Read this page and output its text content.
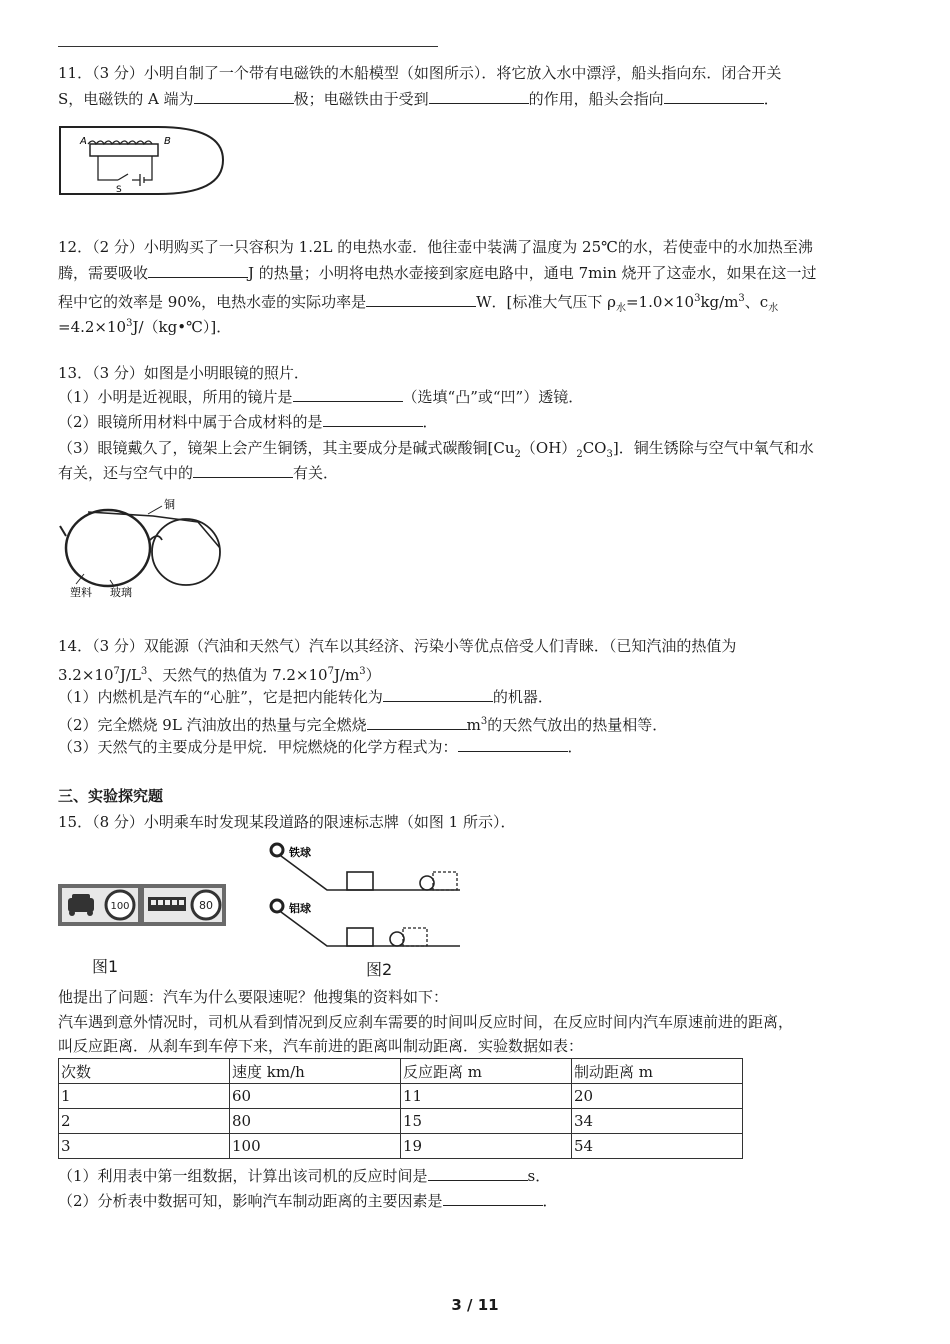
11．（3 分）小明自制了一个带有电磁铁的木船模型（如图所示）．将它放入水中漂浮，船头指向东．闭合开关
S，电磁铁的 A 端为	极；电磁铁由于受到	的作用，船头会指向	．
A	B
S
12．（2 分）小明购买了一只容积为 1.2L 的电热水壶．他往壶中装满了温度为 25℃的水，若使壶中的水加热至沸
腾，需要吸收	J 的热量；小明将电热水壶接到家庭电路中，通电 7min 烧开了这壶水，如果在这一过
程中它的效率是 90%，电热水壶的实际功率是	W．[标准大气压下 $\rho_水=1.0\times 10^3kg/m^3$、$c_水$
$=4.2\times 10^3J/(kg•℃)$]．
13．（3 分）如图是小明眼镜的照片．
（1）小明是近视眼，所用的镜片是	（选填“凸”或“凹”）透镜．
（2）眼镜所用材料中属于合成材料的是	．
（3）眼镜戴久了，镜架上会产生铜锈，其主要成分是碱式碳酸铜$[Cu_2(OH)_2CO_3]$．铜生锈除与空气中氧气和水
有关，还与空气中的	有关．
铜
塑料 玻璃
14．（3 分）双能源（汽油和天然气）汽车以其经济、污染小等优点倍受人们青睐．（已知汽油的热值为
$3.2\times 10^7J/L^3$、天然气的热值为 $7.2\times 10^7J/m^3$）
（1）内燃机是汽车的“心脏”，它是把内能转化为	的机器．
（2）完全燃烧 9L 汽油放出的热量与完全燃烧	$m^3$的天然气放出的热量相等．
（3）天然气的主要成分是甲烷．甲烷燃烧的化学方程式为：	．
三、实验探究题
15．（8 分）小明乘车时发现某段道路的限速标志牌（如图 1 所示）．
100	80
图1
铁球
铝球
图2
他提出了问题：汽车为什么要限速呢？他搜集的资料如下：
汽车遇到意外情况时，司机从看到情况到反应刹车需要的时间叫反应时间，在反应时间内汽车原速前进的距离，
叫反应距离．从刹车到车停下来，汽车前进的距离叫制动距离．实验数据如表：
次数	速度 km/h	反应距离 m	制动距离 m
1	60	11	20
2	80	15	34
3	100	19	54
（1）利用表中第一组数据，计算出该司机的反应时间是	s．
（2）分析表中数据可知，影响汽车制动距离的主要因素是	．
3 / 11
